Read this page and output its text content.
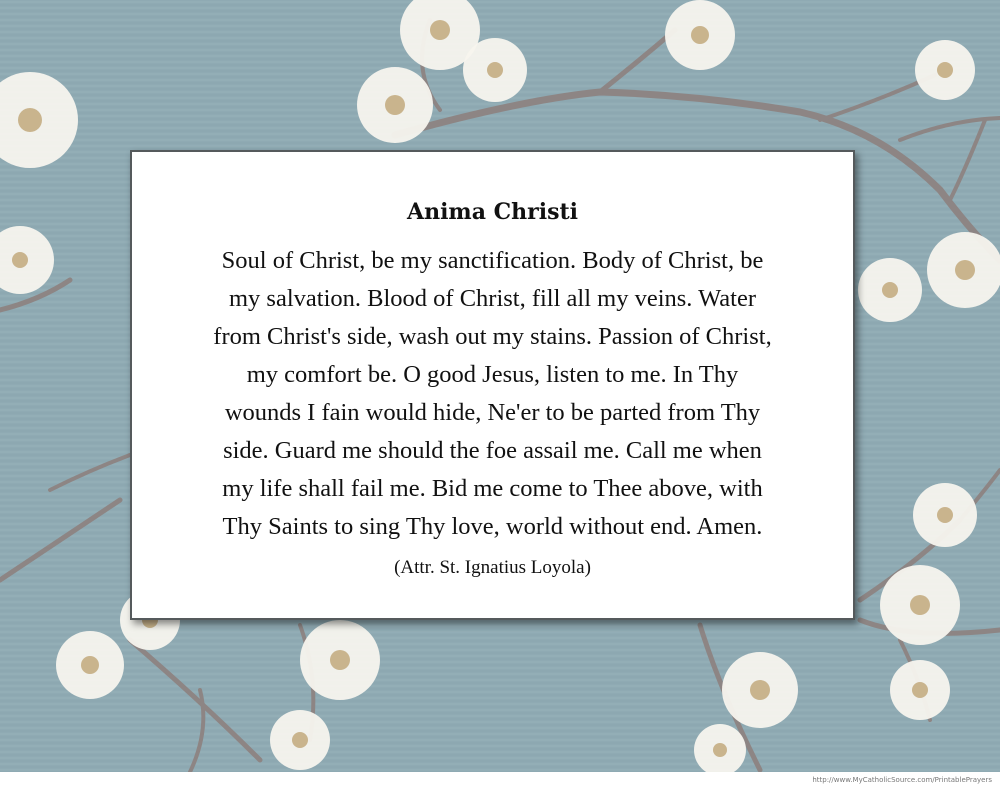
Anima Christi
Soul of Christ, be my sanctification. Body of Christ, be
my salvation. Blood of Christ, fill all my veins. Water
from Christ's side, wash out my stains. Passion of Christ,
my comfort be. O good Jesus, listen to me. In Thy
wounds I fain would hide, Ne'er to be parted from Thy
side. Guard me should the foe assail me. Call me when
my life shall fail me. Bid me come to Thee above, with
Thy Saints to sing Thy love, world without end. Amen.
(Attr. St. Ignatius Loyola)
http://www.MyCatholicSource.com/PrintablePrayers
